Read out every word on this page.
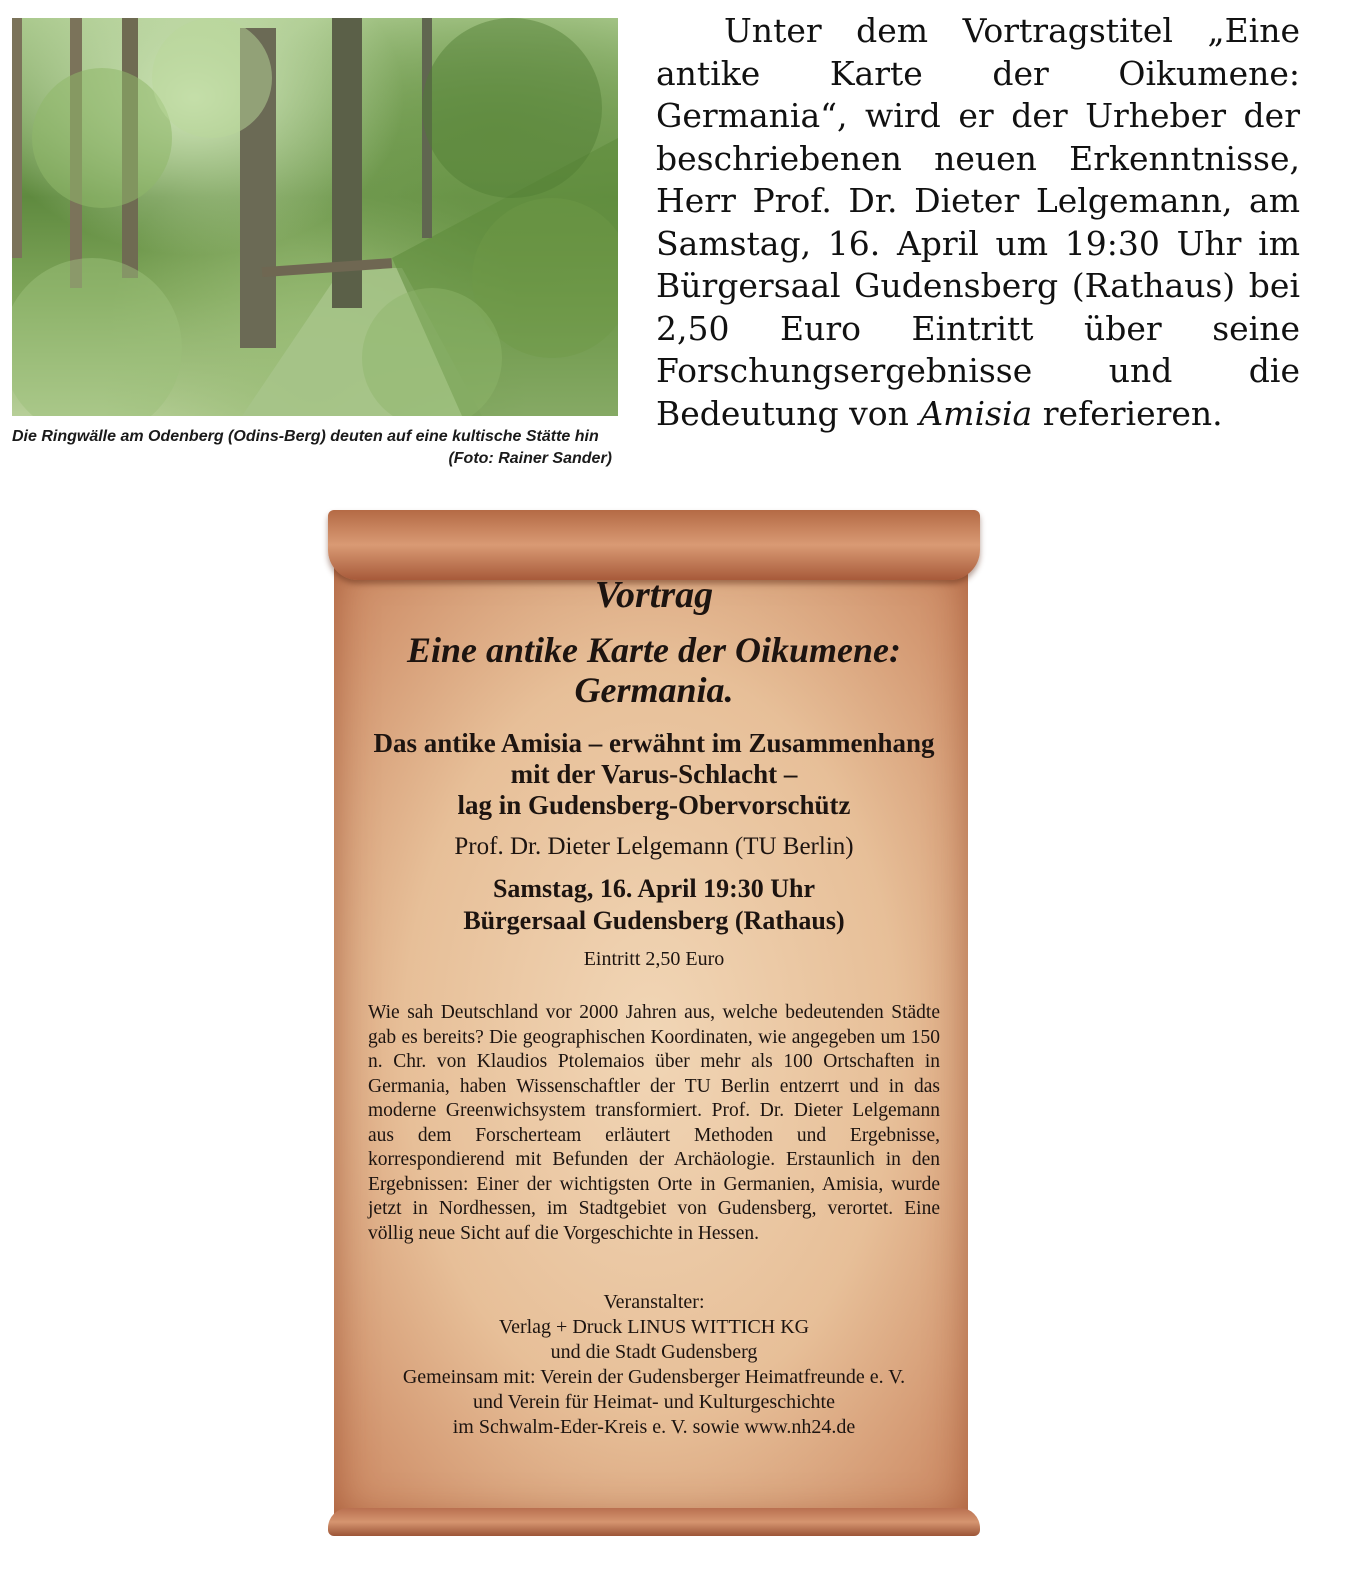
Die Ringwälle am Odenberg (Odins-Berg) deuten auf eine kultische Stätte hin
(Foto: Rainer Sander)

Unter dem Vortragstitel „Eine antike Karte der Oikumene: Germania“, wird er der Urheber der beschriebenen neuen Erkenntnisse, Herr Prof. Dr. Dieter Lelgemann, am Samstag, 16. April um 19:30 Uhr im Bürgersaal Gudensberg (Rathaus) bei 2,50 Euro Eintritt über seine Forschungsergebnisse und die Bedeutung von Amisia referieren.

Vortrag

Eine antike Karte der Oikumene:
Germania.

Das antike Amisia – erwähnt im Zusammenhang
mit der Varus-Schlacht –
lag in Gudensberg-Obervorschütz

Prof. Dr. Dieter Lelgemann (TU Berlin)

Samstag, 16. April 19:30 Uhr
Bürgersaal Gudensberg (Rathaus)

Eintritt 2,50 Euro

Wie sah Deutschland vor 2000 Jahren aus, welche bedeutenden Städte gab es bereits? Die geographischen Koordinaten, wie angegeben um 150 n. Chr. von Klaudios Ptolemaios über mehr als 100 Ortschaften in Germania, haben Wissenschaftler der TU Berlin entzerrt und in das moderne Greenwichsystem transformiert. Prof. Dr. Dieter Lelgemann aus dem Forscherteam erläutert Methoden und Ergebnisse, korrespondierend mit Befunden der Archäologie. Erstaunlich in den Ergebnissen: Einer der wichtigsten Orte in Germanien, Amisia, wurde jetzt in Nordhessen, im Stadtgebiet von Gudensberg, verortet. Eine völlig neue Sicht auf die Vorgeschichte in Hessen.

Veranstalter:
Verlag + Druck LINUS WITTICH KG
und die Stadt Gudensberg
Gemeinsam mit: Verein der Gudensberger Heimatfreunde e. V.
und Verein für Heimat- und Kulturgeschichte
im Schwalm-Eder-Kreis e. V. sowie www.nh24.de
